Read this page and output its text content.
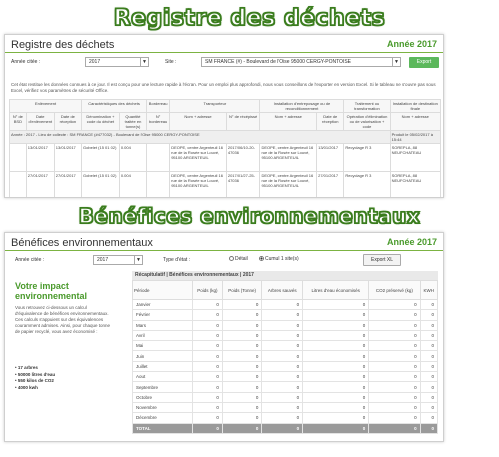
Registre des déchets
Registre des déchets	Année 2017
Année citée :	2017	▼	Site :	SM FRANCE (#) - Boulevard de l'Oise 95000 CERGY-PONTOISE	▼	Export
Cet état restitue les données connues à ce jour. Il est conçu pour une lecture rapide à l'écran. Pour un emploi plus approfondi, nous vous conseillons de l'exporter en version Excel. Si le tableau ne s'ouvre pas sous Excel, vérifiez vos paramètres de sécurité Office.
Année : 2017 - Lieu de collecte : SM FRANCE (#477032) - Boulevard de l'Oise 95000 CERGY-PONTOISE											Produit le 05/02/2017 à 15:44
Enlèvement			Caractéristiques des déchets		Bordereau	Transporteur		Installation d'entreposage ou de reconditionnement		Traitement ou transformation	Installation de destination finale
N° de BSD	Date d'enlèvement	Date de réception	Dénomination + code du déchet	Quantité traitée en tonne(s)	N° bordereau	Nom + adresse	N° de récépissé	Nom + adresse	Date de réception	Opération d'élimination ou de valorisation + code	Nom + adresse
	13/01/2017	13/01/2017	Gobelet (15 01 02)	0.004		DEOPE, centre Argenteuil 16 rue de la Rosée sur Louvé, 95100 ARGENTEUIL	2017/06/10-20-47036	DEOPE, centre Argenteuil 16 rue de la Rosée sur Louvé, 95100 ARGENTEUIL	13/01/2017	Recyclage R 3	SOREPLA, 88 NEUFCHATEAU
	27/01/2017	27/01/2017	Gobelet (15 01 02)	0.004		DEOPE, centre Argenteuil 16 rue de la Rosée sur Louvé, 95100 ARGENTEUIL	2017/01/27-25-47036	DEOPE, centre Argenteuil 16 rue de la Rosée sur Louvé, 95100 ARGENTEUIL	27/01/2017	Recyclage R 3	SOREPLA, 88 NEUFCHATEAU
Bénéfices environnementaux
Bénéfices environnementaux	Année 2017
Année citée :	2017	▼	Type d'état :	Détail	Cumul 1 site(s)	Export XL
Votre impact environnemental
Vous retrouvez ci-dessous un calcul d'équivalence de bénéfices environnementaux. Ces calculs s'appuient sur des équivalences couramment admises. Ainsi, pour chaque tonne de papier recyclé, vous avez économisé :
• 17 arbres
• 50000 litres d'eau
• 550 kilos de CO2
• 4000 kwh
Récapitulatif | Bénéfices environnementaux | 2017
Période	Poids (kg)	Poids (Tonne)	Arbres sauvés	Litres d'eau économisés	CO2 préservé (kg)	KWH
Janvier	0	0	0	0	0	0
Février	0	0	0	0	0	0
Mars	0	0	0	0	0	0
Avril	0	0	0	0	0	0
Mai	0	0	0	0	0	0
Juin	0	0	0	0	0	0
Juillet	0	0	0	0	0	0
Aout	0	0	0	0	0	0
Septembre	0	0	0	0	0	0
Octobre	0	0	0	0	0	0
Novembre	0	0	0	0	0	0
Décembre	0	0	0	0	0	0
TOTAL	0	0	0	0	0	0
